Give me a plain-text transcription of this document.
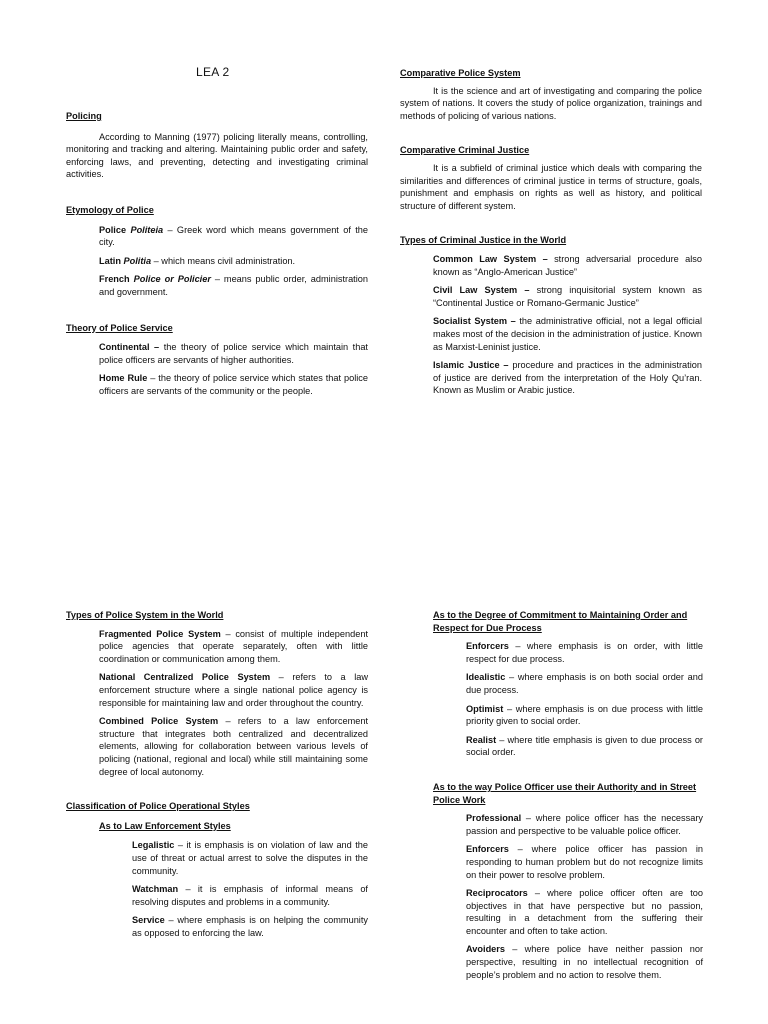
LEA 2

Policing

According to Manning (1977) policing literally means, controlling, monitoring and tracking and altering. Maintaining public order and safety, enforcing laws, and preventing, detecting and investigating criminal activities.

Etymology of Police

Police Politeia – Greek word which means government of the city.

Latin Politia – which means civil administration.

French Police or Policier – means public order, administration and government.

Theory of Police Service

Continental – the theory of police service which maintain that police officers are servants of higher authorities.

Home Rule – the theory of police service which states that police officers are servants of the community or the people.

Comparative Police System

It is the science and art of investigating and comparing the police system of nations. It covers the study of police organization, trainings and methods of policing of various nations.

Comparative Criminal Justice

It is a subfield of criminal justice which deals with comparing the similarities and differences of criminal justice in terms of structure, goals, punishment and emphasis on rights as well as history, and political structure of different system.

Types of Criminal Justice in the World

Common Law System – strong adversarial procedure also known as “Anglo-American Justice”

Civil Law System – strong inquisitorial system known as “Continental Justice or Romano-Germanic Justice”

Socialist System – the administrative official, not a legal official makes most of the decision in the administration of justice. Known as Marxist-Leninist justice.

Islamic Justice – procedure and practices in the administration of justice are derived from the interpretation of the Holy Qu’ran. Known as Muslim or Arabic justice.

Types of Police System in the World

Fragmented Police System – consist of multiple independent police agencies that operate separately, often with little coordination or communication among them.

National Centralized Police System – refers to a law enforcement structure where a single national police agency is responsible for maintaining law and order throughout the country.

Combined Police System – refers to a law enforcement structure that integrates both centralized and decentralized elements, allowing for collaboration between various levels of policing (national, regional and local) while still maintaining some degree of local autonomy.

Classification of Police Operational Styles

As to Law Enforcement Styles

Legalistic – it is emphasis is on violation of law and the use of threat or actual arrest to solve the disputes in the community.

Watchman – it is emphasis of informal means of resolving disputes and problems in a community.

Service – where emphasis is on helping the community as opposed to enforcing the law.

As to the Degree of Commitment to Maintaining Order and Respect for Due Process

Enforcers – where emphasis is on order, with little respect for due process.

Idealistic – where emphasis is on both social order and due process.

Optimist – where emphasis is on due process with little priority given to social order.

Realist – where title emphasis is given to due process or social order.

As to the way Police Officer use their Authority and in Street Police Work

Professional – where police officer has the necessary passion and perspective to be valuable police officer.

Enforcers – where police officer has passion in responding to human problem but do not recognize limits on their power to resolve problem.

Reciprocators – where police officer often are too objectives in that have perspective but no passion, resulting in a detachment from the suffering their encounter and often to take action.

Avoiders – where police have neither passion nor perspective, resulting in no intellectual recognition of people’s problem and no action to resolve them.
